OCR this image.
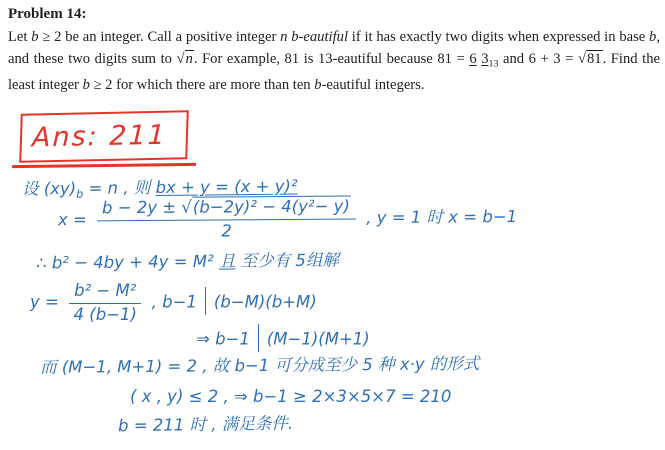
Problem 14:

Let b ≥ 2 be an integer. Call a positive integer n b-eautiful if it has exactly two digits when expressed in base b, and these two digits sum to √n. For example, 81 is 13-eautiful because 81 = 6 $3_{13}$ and 6 + 3 = √81. Find the least integer b ≥ 2 for which there are more than ten b-eautiful integers.

Ans: 211
设 $(xy)_b = n$ , 则 bx + y = (x + y)²
$x = \frac{\text{b − 2y ± √(b−2y)² − 4(y²− y)}}{2}$ , y = 1 时 x = b−1
∴ b² − 4by + 4y = M² 且 至少有 5组解
$y = \frac{\text{b² − M²}}{4 (b-1)}$ , b−1 (b−M)(b+M)
⇒ b−1 (M−1)(M+1)
而 (M−1, M+1) = 2 , 故 b−1 可分成至少 5 种 x·y 的形式
( x , y) ≤ 2 , ⇒ b−1 ≥ 2×3×5×7 = 210
b = 211 时 , 满足条件.
